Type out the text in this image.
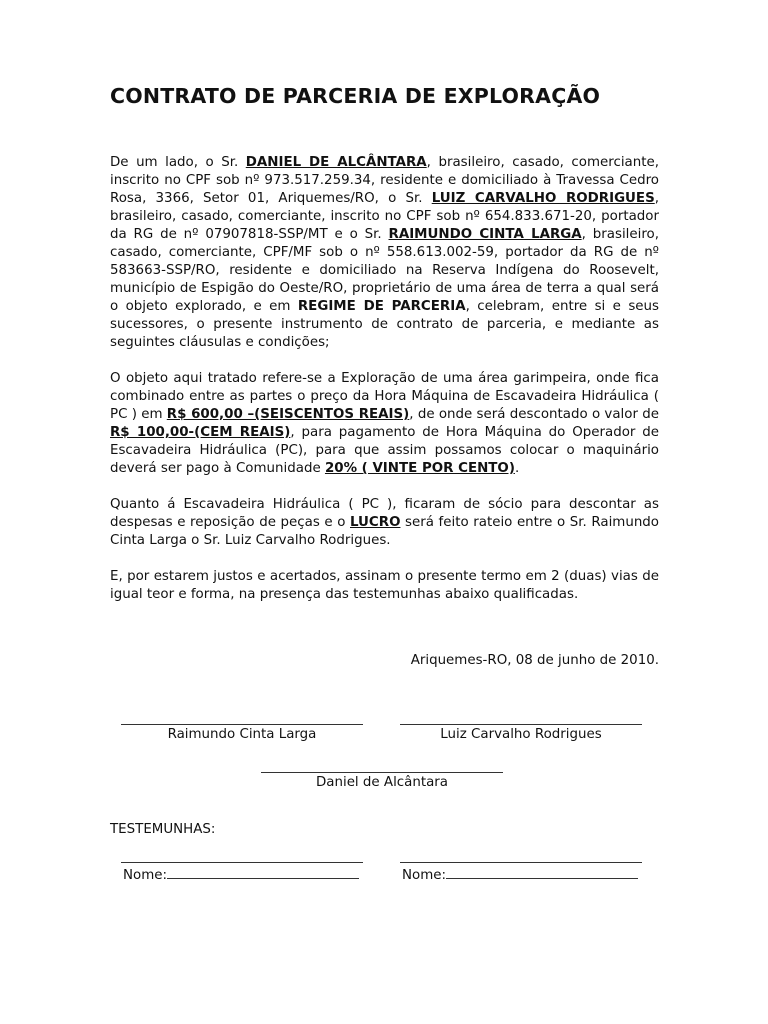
CONTRATO DE PARCERIA DE EXPLORAÇÃO

De um lado, o Sr. DANIEL DE ALCÂNTARA, brasileiro, casado, comerciante, inscrito no CPF sob nº 973.517.259.34, residente e domiciliado à Travessa Cedro Rosa, 3366, Setor 01, Ariquemes/RO, o Sr. LUIZ CARVALHO RODRIGUES, brasileiro, casado, comerciante, inscrito no CPF sob nº 654.833.671-20, portador da RG de nº 07907818-SSP/MT e o Sr. RAIMUNDO CINTA LARGA, brasileiro, casado, comerciante, CPF/MF sob o nº 558.613.002-59, portador da RG de nº 583663-SSP/RO, residente e domiciliado na Reserva Indígena do Roosevelt, município de Espigão do Oeste/RO, proprietário de uma área de terra a qual será o objeto explorado, e em REGIME DE PARCERIA, celebram, entre si e seus sucessores, o presente instrumento de contrato de parceria, e mediante as seguintes cláusulas e condições;

O objeto aqui tratado refere-se a Exploração de uma área garimpeira, onde fica combinado entre as partes o preço da Hora Máquina de Escavadeira Hidráulica ( PC ) em R$ 600,00 –(SEISCENTOS REAIS), de onde será descontado o valor de R$ 100,00-(CEM REAIS), para pagamento de Hora Máquina do Operador de Escavadeira Hidráulica (PC), para que assim possamos colocar o maquinário deverá ser pago à Comunidade 20% ( VINTE POR CENTO).

Quanto á Escavadeira Hidráulica ( PC ), ficaram de sócio para descontar as despesas e reposição de peças e o LUCRO será feito rateio entre o Sr. Raimundo Cinta Larga o Sr. Luiz Carvalho Rodrigues.

E, por estarem justos e acertados, assinam o presente termo em 2 (duas) vias de igual teor e forma, na presença das testemunhas abaixo qualificadas.

Ariquemes-RO, 08 de junho de 2010.
Raimundo Cinta Larga	Luiz Carvalho Rodrigues
Daniel de Alcântara
TESTEMUNHAS:
Nome:	Nome:
